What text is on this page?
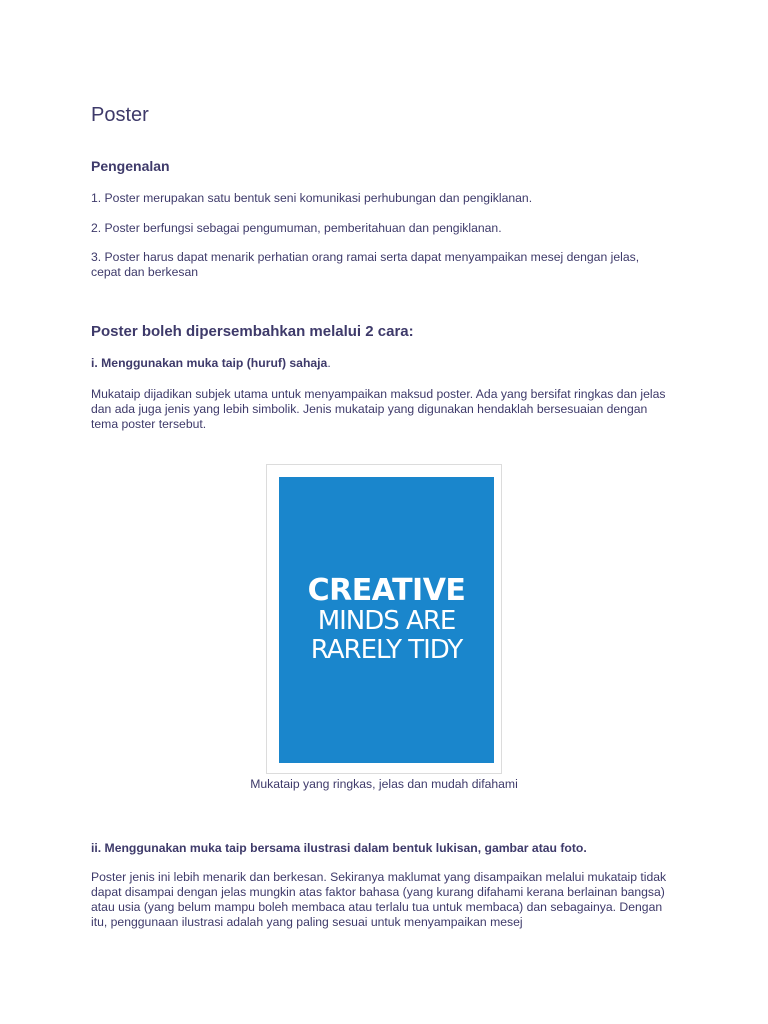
Poster
Pengenalan

1. Poster merupakan satu bentuk seni komunikasi perhubungan dan pengiklanan.

2. Poster berfungsi sebagai pengumuman, pemberitahuan dan pengiklanan.

3. Poster harus dapat menarik perhatian orang ramai serta dapat menyampaikan mesej dengan jelas, cepat dan berkesan

Poster boleh dipersembahkan melalui 2 cara:

i. Menggunakan muka taip (huruf) sahaja.

Mukataip dijadikan subjek utama untuk menyampaikan maksud poster. Ada yang bersifat ringkas dan jelas dan ada juga jenis yang lebih simbolik. Jenis mukataip yang digunakan hendaklah bersesuaian dengan tema poster tersebut.

CREATIVE
MINDS ARE
RARELY TIDY

Mukataip yang ringkas, jelas dan mudah difahami

ii. Menggunakan muka taip bersama ilustrasi dalam bentuk lukisan, gambar atau foto.

Poster jenis ini lebih menarik dan berkesan. Sekiranya maklumat yang disampaikan melalui mukataip tidak dapat disampai dengan jelas mungkin atas faktor bahasa (yang kurang difahami kerana berlainan bangsa) atau usia (yang belum mampu boleh membaca atau terlalu tua untuk membaca) dan sebagainya. Dengan itu, penggunaan ilustrasi adalah yang paling sesuai untuk menyampaikan mesej
